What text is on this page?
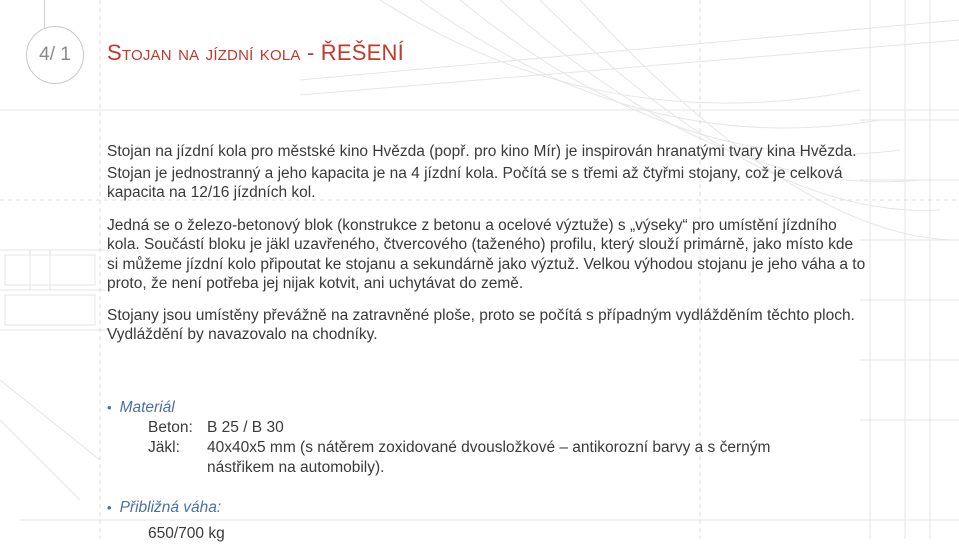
4/ 1 Stojan na jízdní kola - ŘEŠENÍ

Stojan na jízdní kola pro městské kino Hvězda (popř. pro kino Mír) je inspirován hranatými tvary kina Hvězda.

Stojan je jednostranný a jeho kapacita je na 4 jízdní kola. Počítá se s třemi až čtyřmi stojany, což je celková kapacita na 12/16 jízdních kol.

Jedná se o železo-betonový blok (konstrukce z betonu a ocelové výztuže) s „výseky“ pro umístění jízdního kola. Součástí bloku je jäkl uzavřeného, čtvercového (taženého) profilu, který slouží primárně, jako místo kde si můžeme jízdní kolo připoutat ke stojanu a sekundárně jako výztuž. Velkou výhodou stojanu je jeho váha a to proto, že není potřeba jej nijak kotvit, ani uchytávat do země.

Stojany jsou umístěny převážně na zatravněné ploše, proto se počítá s případným vydlážděním těchto ploch. Vydláždění by navazovalo na chodníky.

• Materiál
Beton: B 25 / B 30
Jäkl:	40x40x5 mm (s nátěrem zoxidované dvousložkové – antikorozní barvy a s černým nástřikem na automobily).
• Přibližná váha:
650/700 kg
